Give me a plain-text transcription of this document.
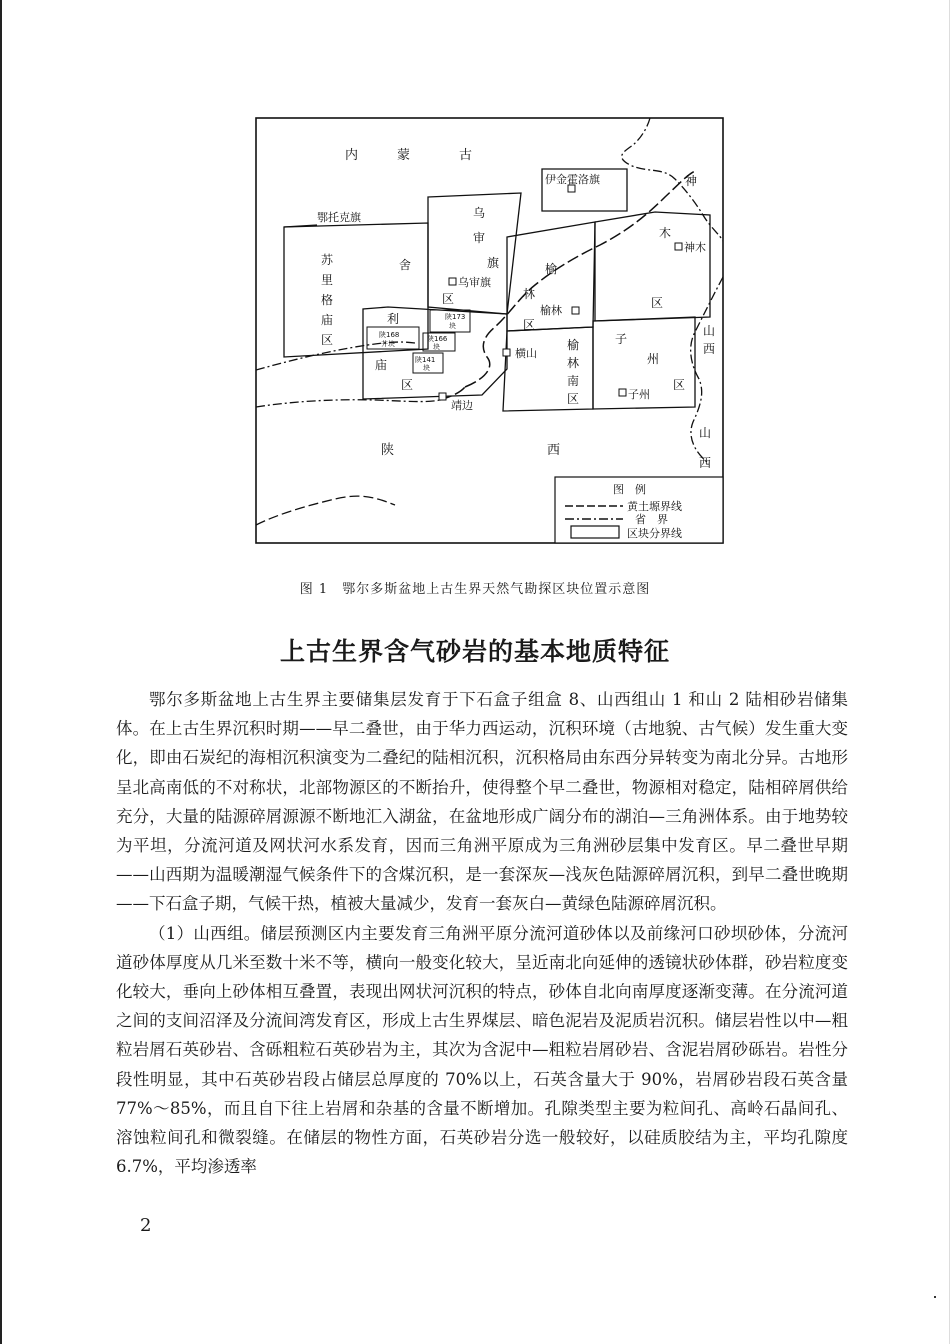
内	蒙	古
伊金霍洛旗	神
木
神木
区
鄂托克旗	乌
审
旗
区
乌审旗
苏
里
格
庙
区
舍
利
庙
区
陕173
块
陕168
井块
陕166
块
陕141
块
榆
林
区
榆林
横山
榆
林
南
区
子
州
区
子州
山
西
山
西
靖边
陕	西
图　例
黄土塬界线
省　界
区块分界线
图 1　鄂尔多斯盆地上古生界天然气勘探区块位置示意图
上古生界含气砂岩的基本地质特征

鄂尔多斯盆地上古生界主要储集层发育于下石盒子组盒 8、山西组山 1 和山 2 陆相砂岩储集体。在上古生界沉积时期——早二叠世，由于华力西运动，沉积环境（古地貌、古气候）发生重大变化，即由石炭纪的海相沉积演变为二叠纪的陆相沉积，沉积格局由东西分异转变为南北分异。古地形呈北高南低的不对称状，北部物源区的不断抬升，使得整个早二叠世，物源相对稳定，陆相碎屑供给充分，大量的陆源碎屑源源不断地汇入湖盆，在盆地形成广阔分布的湖泊—三角洲体系。由于地势较为平坦，分流河道及网状河水系发育，因而三角洲平原成为三角洲砂层集中发育区。早二叠世早期——山西期为温暖潮湿气候条件下的含煤沉积，是一套深灰—浅灰色陆源碎屑沉积，到早二叠世晚期——下石盒子期，气候干热，植被大量减少，发育一套灰白—黄绿色陆源碎屑沉积。

（1）山西组。储层预测区内主要发育三角洲平原分流河道砂体以及前缘河口砂坝砂体，分流河道砂体厚度从几米至数十米不等，横向一般变化较大，呈近南北向延伸的透镜状砂体群，砂岩粒度变化较大，垂向上砂体相互叠置，表现出网状河沉积的特点，砂体自北向南厚度逐渐变薄。在分流河道之间的支间沼泽及分流间湾发育区，形成上古生界煤层、暗色泥岩及泥质岩沉积。储层岩性以中—粗粒岩屑石英砂岩、含砾粗粒石英砂岩为主，其次为含泥中—粗粒岩屑砂岩、含泥岩屑砂砾岩。岩性分段性明显，其中石英砂岩段占储层总厚度的 70%以上，石英含量大于 90%，岩屑砂岩段石英含量 77%～85%，而且自下往上岩屑和杂基的含量不断增加。孔隙类型主要为粒间孔、高岭石晶间孔、溶蚀粒间孔和微裂缝。在储层的物性方面，石英砂岩分选一般较好，以硅质胶结为主，平均孔隙度 6.7%，平均渗透率

2
